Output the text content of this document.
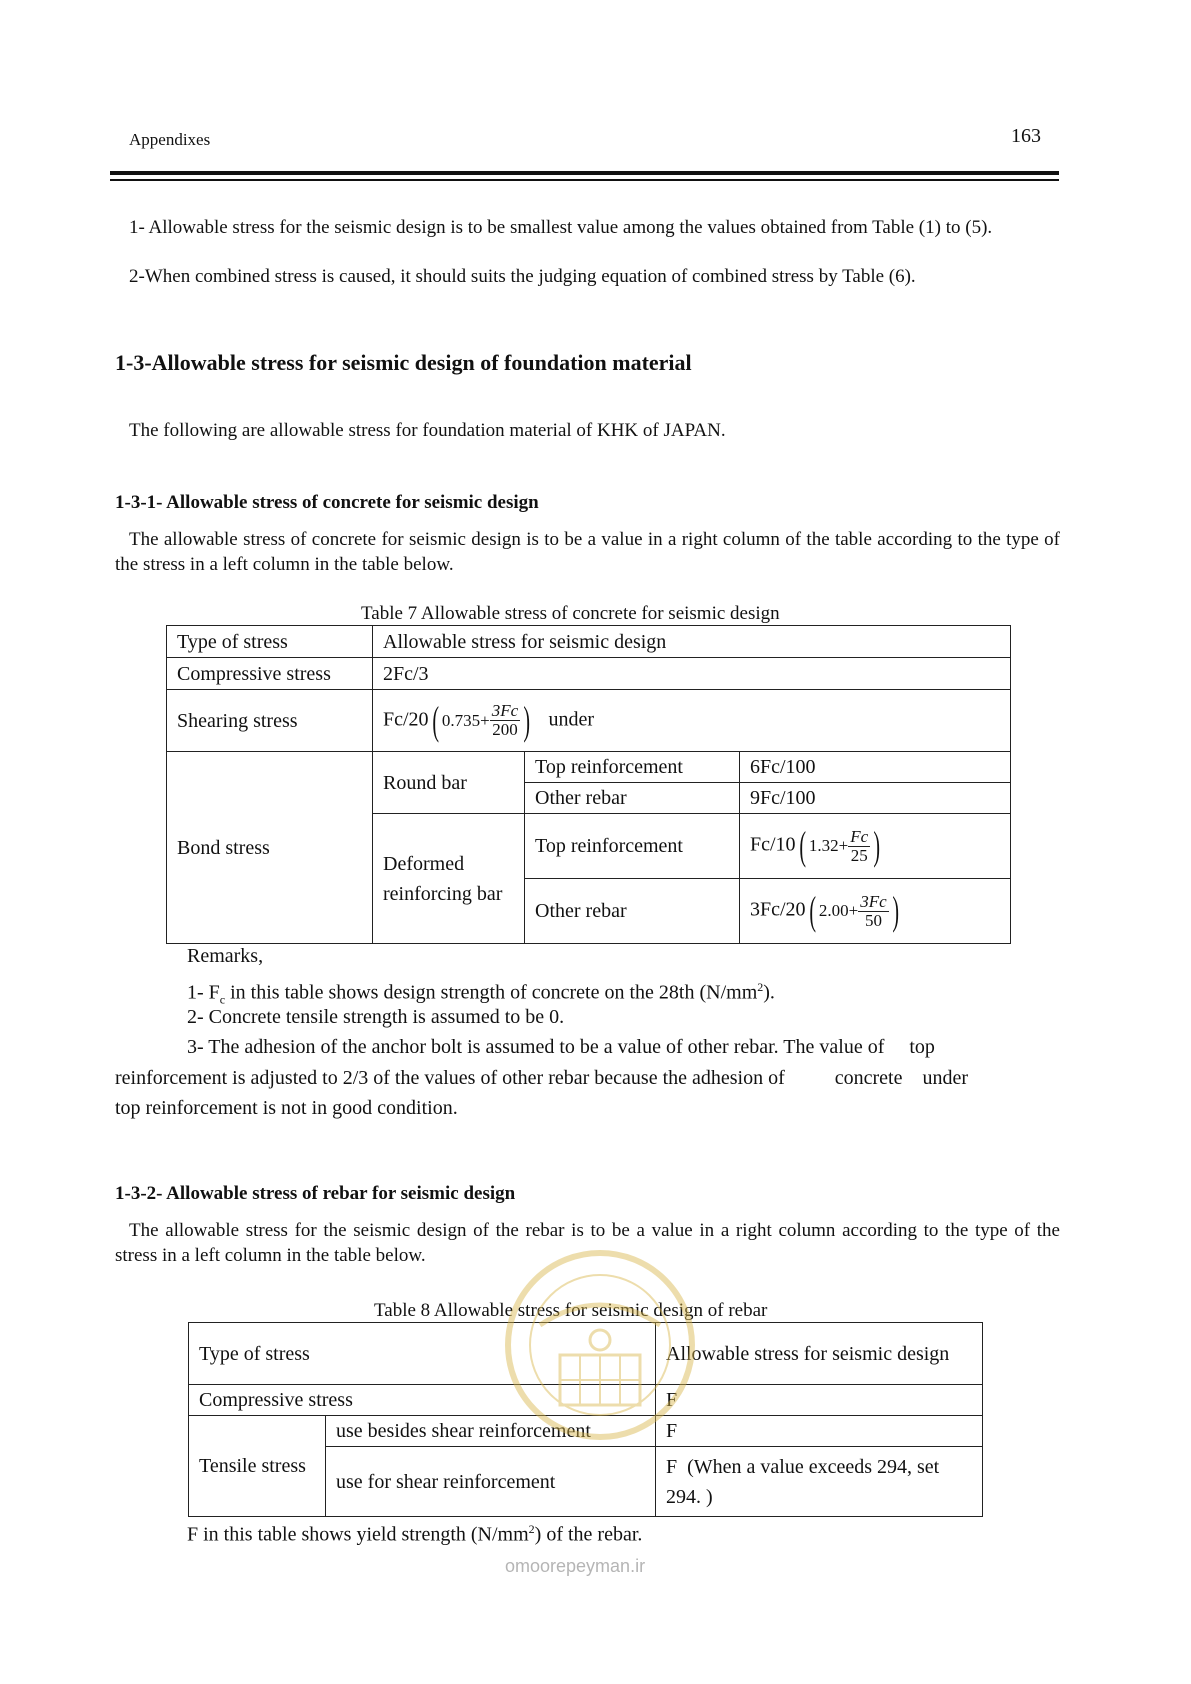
Appendixes	163
1- Allowable stress for the seismic design is to be smallest value among the values obtained from Table (1) to (5).
2-When combined stress is caused, it should suits the judging equation of combined stress by Table (6).
1-3-Allowable stress for seismic design of foundation material
The following are allowable stress for foundation material of KHK of JAPAN.
1-3-1- Allowable stress of concrete for seismic design
The allowable stress of concrete for seismic design is to be a value in a right column of the table according to the type of the stress in a left column in the table below.
Table 7 Allowable stress of concrete for seismic design
Type of stress	Allowable stress for seismic design		
Compressive stress	2Fc/3		
Shearing stress	Fc/20( $0.735+ \frac{3Fc}{200}$ ) under		
Bond stress	Round bar	Top reinforcement	6Fc/100
		Other rebar	9Fc/100
	Deformed reinforcing bar	Top reinforcement	Fc/10( $1.32+ \frac{Fc}{25}$ )
		Other rebar	3Fc/20( $2.00+ \frac{3Fc}{50}$ )
Remarks,
1- $F_c$ in this table shows design strength of concrete on the 28th $(N/mm^2)$.
2- Concrete tensile strength is assumed to be 0.
3- The adhesion of the anchor bolt is assumed to be a value of other rebar. The value of     top
reinforcement is adjusted to 2/3 of the values of other rebar because the adhesion of          concrete    under
top reinforcement is not in good condition.
1-3-2- Allowable stress of rebar for seismic design
The allowable stress for the seismic design of the rebar is to be a value in a right column according to the type of the stress in a left column in the table below.
Table 8 Allowable stress for seismic design of rebar
Type of stress		Allowable stress for seismic design
Compressive stress		F
Tensile stress	use besides shear reinforcement	F
	use for shear reinforcement	F  (When a value exceeds 294, set 294. )
F in this table shows yield strength $(N/mm^2)$ of the rebar.
omoorepeyman.ir
